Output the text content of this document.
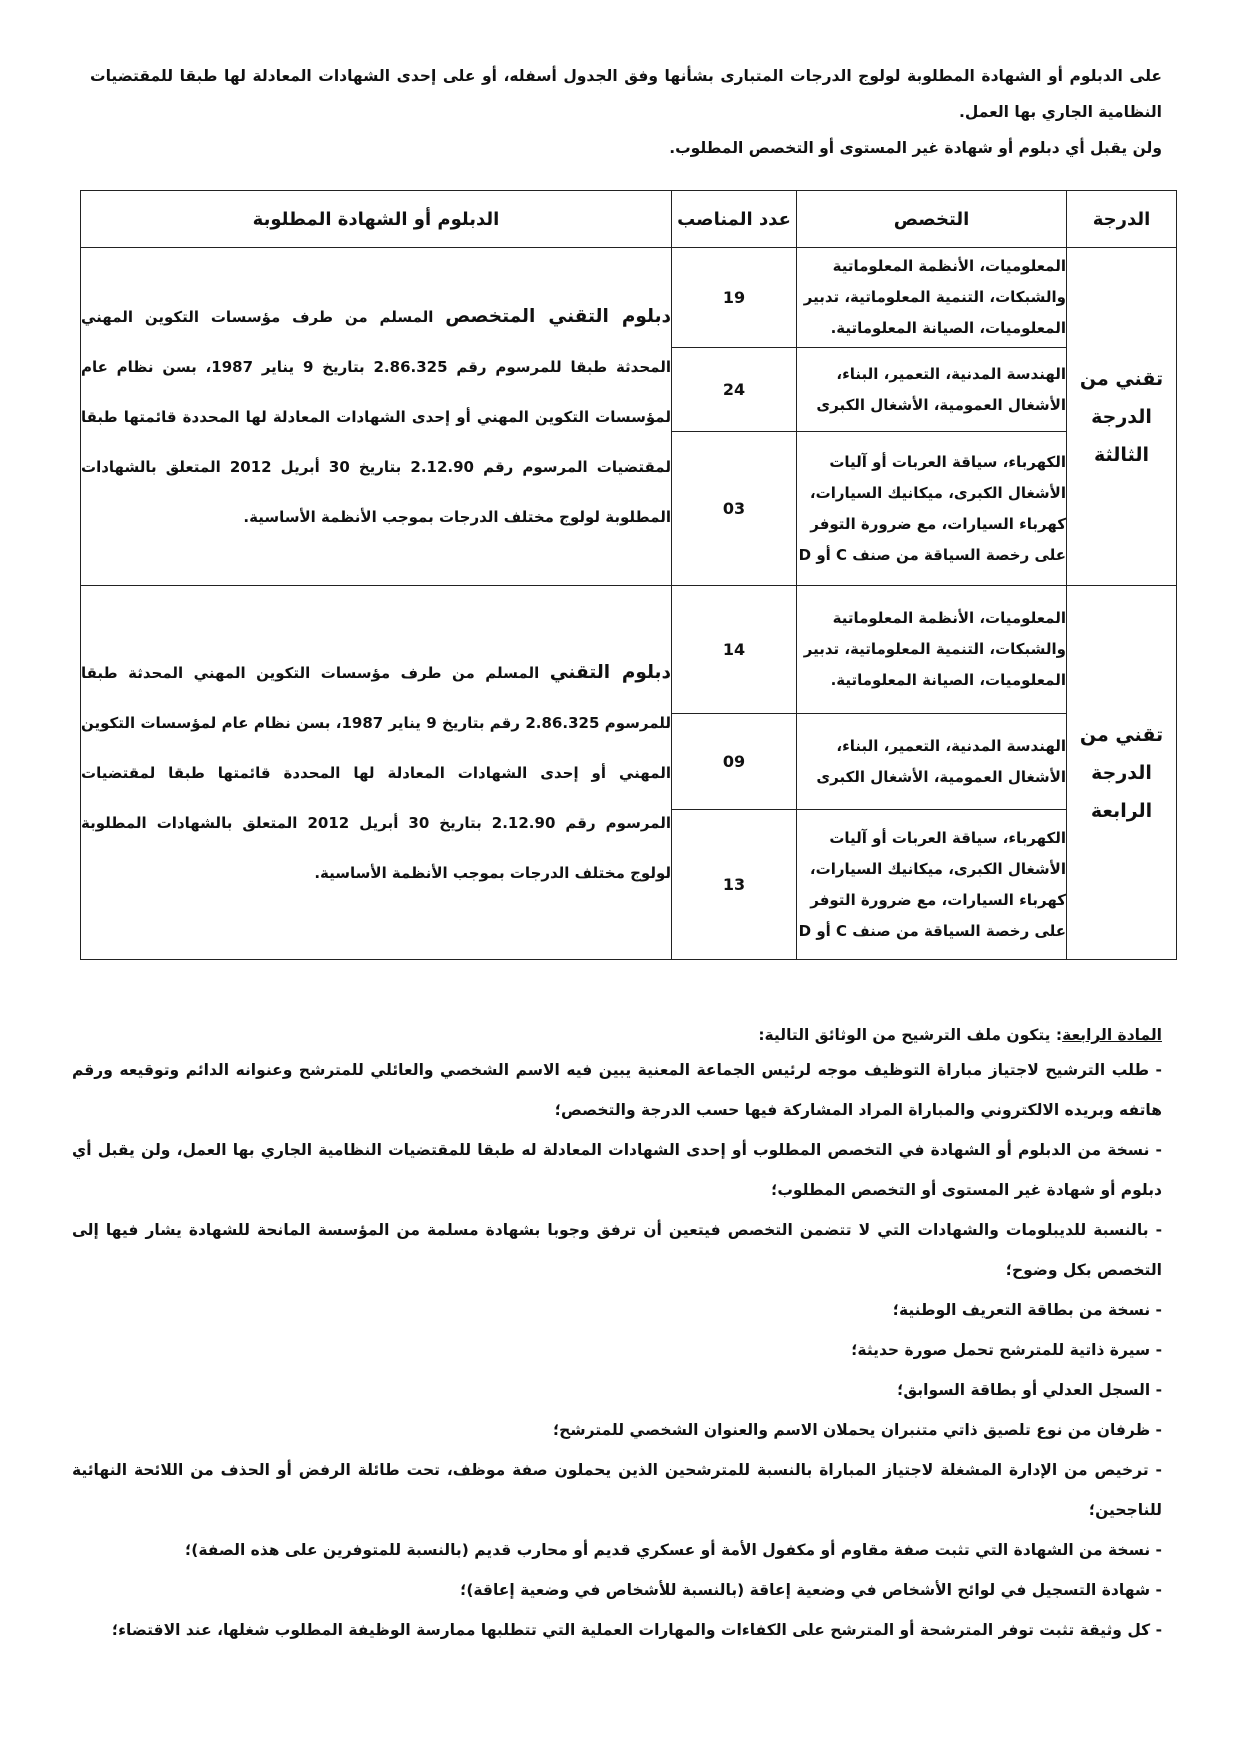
على الدبلوم أو الشهادة المطلوبة لولوج الدرجات المتبارى بشأنها وفق الجدول أسفله، أو على إحدى الشهادات المعادلة لها طبقا للمقتضيات النظامية الجاري بها العمل.

ولن يقبل أي دبلوم أو شهادة غير المستوى أو التخصص المطلوب.

الدرجة	التخصص	عدد المناصب	الدبلوم أو الشهادة المطلوبة
تقني من الدرجة الثالثة	المعلوميات، الأنظمة المعلوماتية والشبكات، التنمية المعلوماتية، تدبير المعلوميات، الصيانة المعلوماتية.	19	دبلوم التقني المتخصص المسلم من طرف مؤسسات التكوين المهني المحدثة طبقا للمرسوم رقم 2.86.325 بتاريخ 9 يناير 1987، بسن نظام عام لمؤسسات التكوين المهني أو إحدى الشهادات المعادلة لها المحددة قائمتها طبقا لمقتضيات المرسوم رقم 2.12.90 بتاريخ 30 أبريل 2012 المتعلق بالشهادات المطلوبة لولوج مختلف الدرجات بموجب الأنظمة الأساسية.
	الهندسة المدنية، التعمير، البناء، الأشغال العمومية، الأشغال الكبرى	24	
	الكهرباء، سياقة العربات أو آليات الأشغال الكبرى، ميكانيك السيارات، كهرباء السيارات، مع ضرورة التوفر على رخصة السياقة من صنف C أو D	03	
تقني من الدرجة الرابعة	المعلوميات، الأنظمة المعلوماتية والشبكات، التنمية المعلوماتية، تدبير المعلوميات، الصيانة المعلوماتية.	14	دبلوم التقني المسلم من طرف مؤسسات التكوين المهني المحدثة طبقا للمرسوم 2.86.325 رقم بتاريخ 9 يناير 1987، بسن نظام عام لمؤسسات التكوين المهني أو إحدى الشهادات المعادلة لها المحددة قائمتها طبقا لمقتضيات المرسوم رقم 2.12.90 بتاريخ 30 أبريل 2012 المتعلق بالشهادات المطلوبة لولوج مختلف الدرجات بموجب الأنظمة الأساسية.
	الهندسة المدنية، التعمير، البناء، الأشغال العمومية، الأشغال الكبرى	09	
	الكهرباء، سياقة العربات أو آليات الأشغال الكبرى، ميكانيك السيارات، كهرباء السيارات، مع ضرورة التوفر على رخصة السياقة من صنف C أو D	13	

المادة الرابعة: يتكون ملف الترشيح من الوثائق التالية:

- طلب الترشيح لاجتياز مباراة التوظيف موجه لرئيس الجماعة المعنية يبين فيه الاسم الشخصي والعائلي للمترشح وعنوانه الدائم وتوقيعه ورقم هاتفه وبريده الالكتروني والمباراة المراد المشاركة فيها حسب الدرجة والتخصص؛
- نسخة من الدبلوم أو الشهادة في التخصص المطلوب أو إحدى الشهادات المعادلة له طبقا للمقتضيات النظامية الجاري بها العمل، ولن يقبل أي دبلوم أو شهادة غير المستوى أو التخصص المطلوب؛
- بالنسبة للديبلومات والشهادات التي لا تتضمن التخصص فيتعين أن ترفق وجوبا بشهادة مسلمة من المؤسسة المانحة للشهادة يشار فيها إلى التخصص بكل وضوح؛
- نسخة من بطاقة التعريف الوطنية؛
- سيرة ذاتية للمترشح تحمل صورة حديثة؛
- السجل العدلي أو بطاقة السوابق؛
- ظرفان من نوع تلصيق ذاتي متنبران يحملان الاسم والعنوان الشخصي للمترشح؛
- ترخيص من الإدارة المشغلة لاجتياز المباراة بالنسبة للمترشحين الذين يحملون صفة موظف، تحت طائلة الرفض أو الحذف من اللائحة النهائية للناجحين؛
- نسخة من الشهادة التي تثبت صفة مقاوم أو مكفول الأمة أو عسكري قديم أو محارب قديم (بالنسبة للمتوفرين على هذه الصفة)؛
- شهادة التسجيل في لوائح الأشخاص في وضعية إعاقة (بالنسبة للأشخاص في وضعية إعاقة)؛
- كل وثيقة تثبت توفر المترشحة أو المترشح على الكفاءات والمهارات العملية التي تتطلبها ممارسة الوظيفة المطلوب شغلها، عند الاقتضاء؛
